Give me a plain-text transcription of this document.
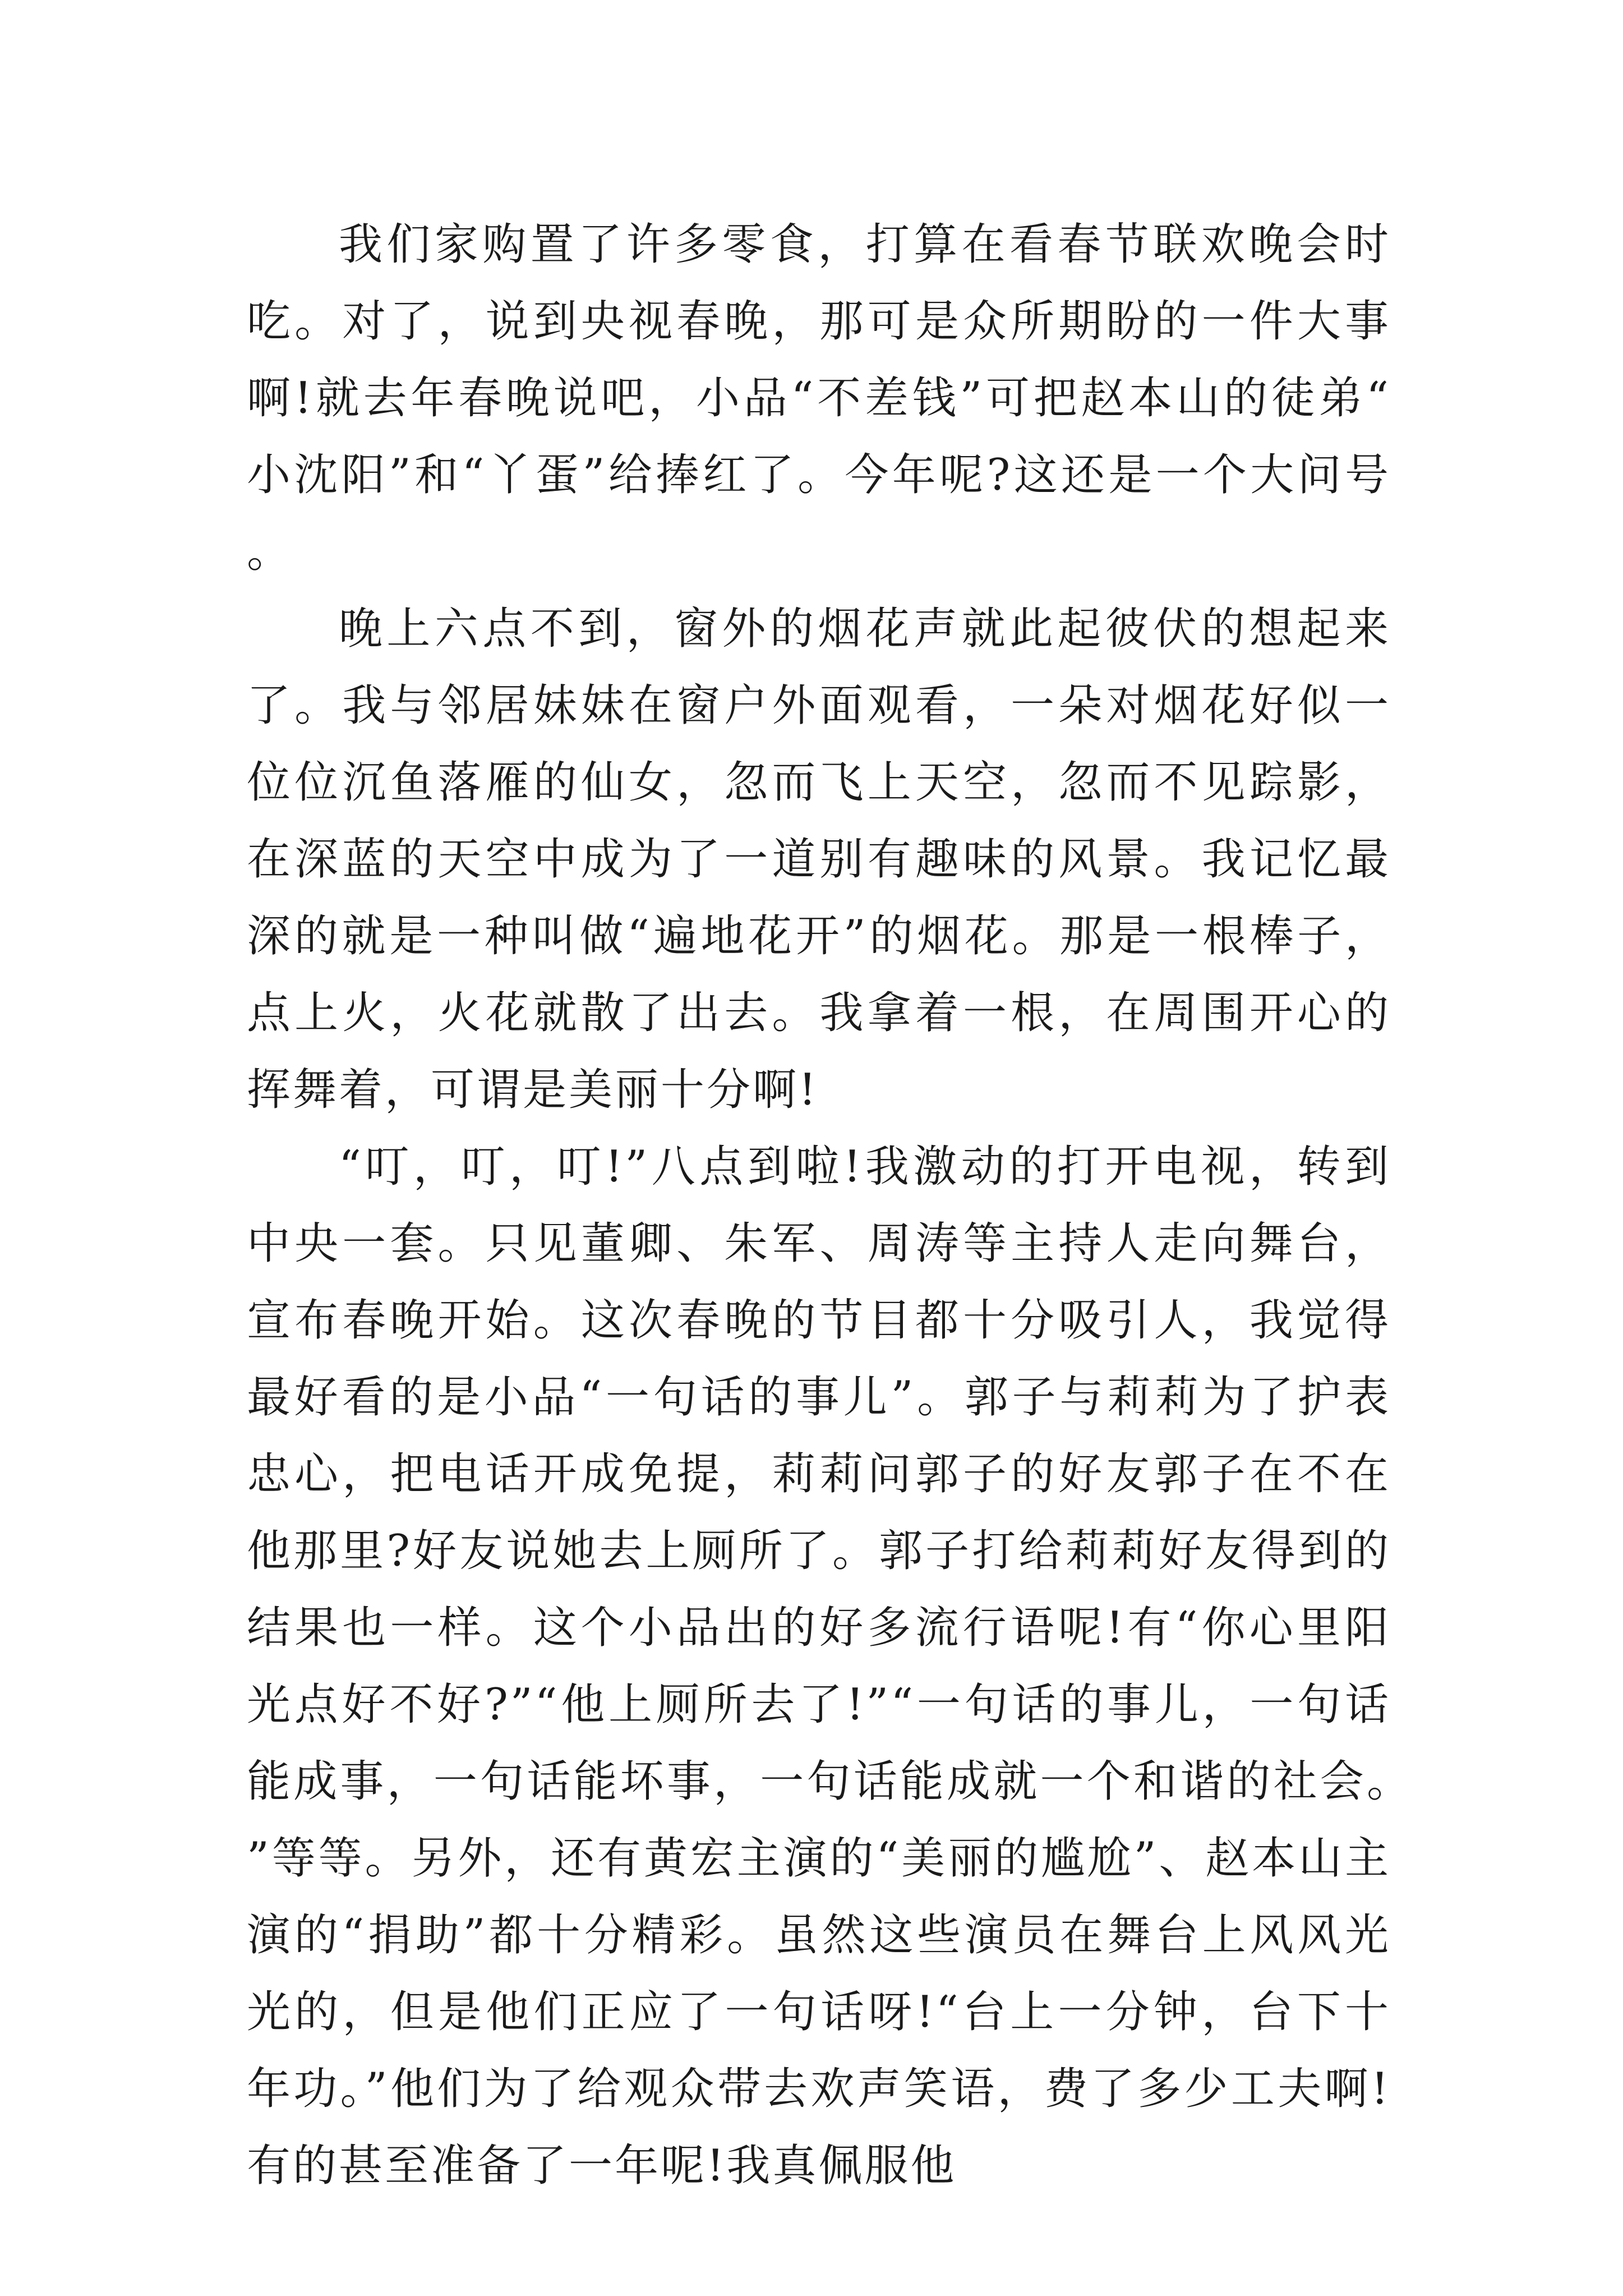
我们家购置了许多零食，打算在看春节联欢晚会时吃。对了，说到央视春晚，那可是众所期盼的一件大事啊!就去年春晚说吧，小品“不差钱”可把赵本山的徒弟“小沈阳”和“丫蛋”给捧红了。今年呢?这还是一个大问号。

晚上六点不到，窗外的烟花声就此起彼伏的想起来了。我与邻居妹妹在窗户外面观看，一朵对烟花好似一位位沉鱼落雁的仙女，忽而飞上天空，忽而不见踪影，在深蓝的天空中成为了一道别有趣味的风景。我记忆最深的就是一种叫做“遍地花开”的烟花。那是一根棒子，点上火，火花就散了出去。我拿着一根，在周围开心的挥舞着，可谓是美丽十分啊!

“叮，叮，叮!”八点到啦!我激动的打开电视，转到中央一套。只见董卿、朱军、周涛等主持人走向舞台，宣布春晚开始。这次春晚的节目都十分吸引人，我觉得最好看的是小品“一句话的事儿”。郭子与莉莉为了护表忠心，把电话开成免提，莉莉问郭子的好友郭子在不在他那里?好友说她去上厕所了。郭子打给莉莉好友得到的结果也一样。这个小品出的好多流行语呢!有“你心里阳光点好不好?”“他上厕所去了!”“一句话的事儿，一句话能成事，一句话能坏事，一句话能成就一个和谐的社会。”等等。另外，还有黄宏主演的“美丽的尴尬”、赵本山主演的“捐助”都十分精彩。虽然这些演员在舞台上风风光光的，但是他们正应了一句话呀!“台上一分钟，台下十年功。”他们为了给观众带去欢声笑语，费了多少工夫啊!有的甚至准备了一年呢!我真佩服他
